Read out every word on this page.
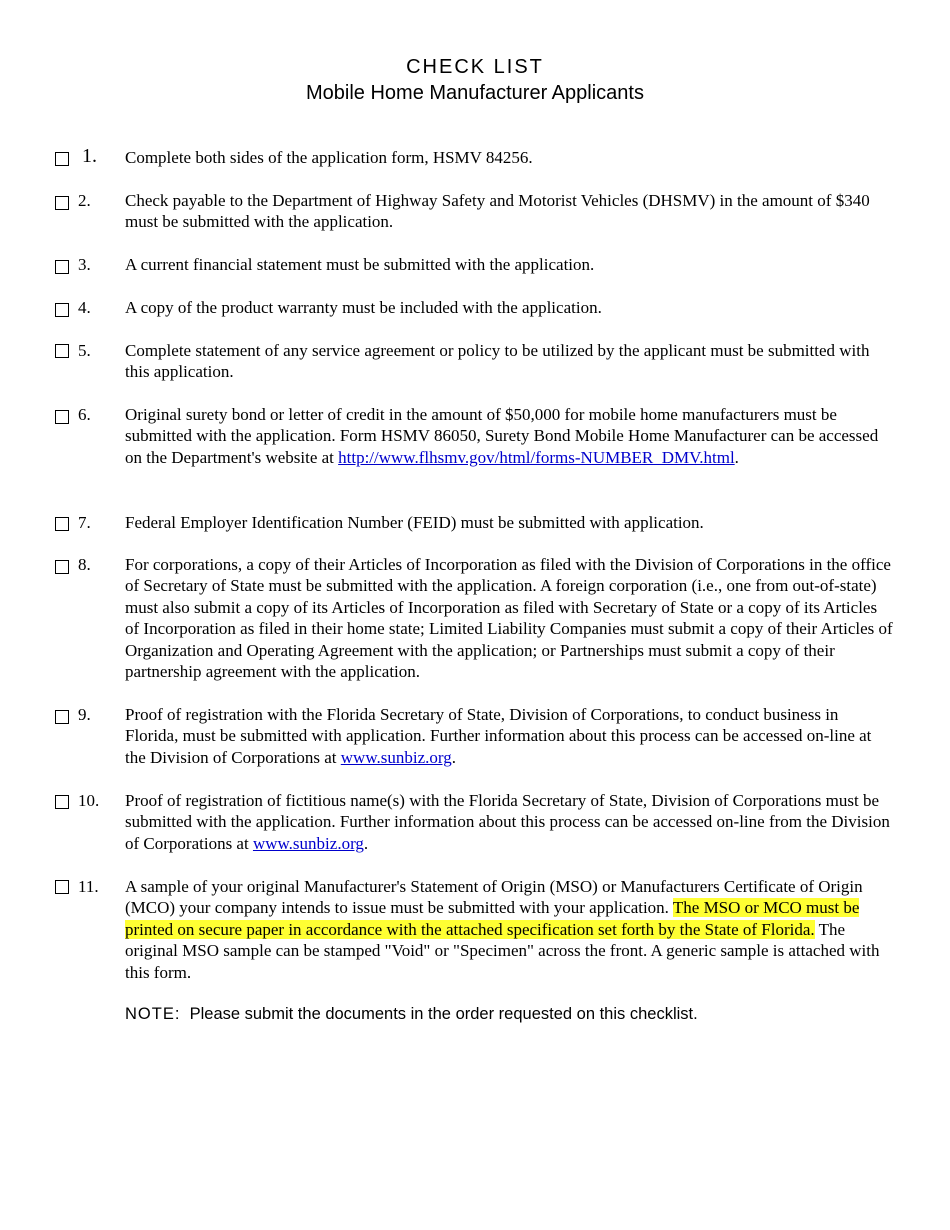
CHECK LIST
Mobile Home Manufacturer Applicants
1. Complete both sides of the application form, HSMV 84256.
2. Check payable to the Department of Highway Safety and Motorist Vehicles (DHSMV) in the amount of $340 must be submitted with the application.
3. A current financial statement must be submitted with the application.
4. A copy of the product warranty must be included with the application.
5. Complete statement of any service agreement or policy to be utilized by the applicant must be submitted with this application.
6. Original surety bond or letter of credit in the amount of $50,000 for mobile home manufacturers must be submitted with the application. Form HSMV 86050, Surety Bond Mobile Home Manufacturer can be accessed on the Department's website at http://www.flhsmv.gov/html/forms-NUMBER_DMV.html.
7. Federal Employer Identification Number (FEID) must be submitted with application.
8. For corporations, a copy of their Articles of Incorporation as filed with the Division of Corporations in the office of Secretary of State must be submitted with the application. A foreign corporation (i.e., one from out-of-state) must also submit a copy of its Articles of Incorporation as filed with Secretary of State or a copy of its Articles of Incorporation as filed in their home state; Limited Liability Companies must submit a copy of their Articles of Organization and Operating Agreement with the application; or Partnerships must submit a copy of their partnership agreement with the application.
9. Proof of registration with the Florida Secretary of State, Division of Corporations, to conduct business in Florida, must be submitted with application. Further information about this process can be accessed on-line at the Division of Corporations at www.sunbiz.org.
10. Proof of registration of fictitious name(s) with the Florida Secretary of State, Division of Corporations must be submitted with the application. Further information about this process can be accessed on-line from the Division of Corporations at www.sunbiz.org.
11. A sample of your original Manufacturer's Statement of Origin (MSO) or Manufacturers Certificate of Origin (MCO) your company intends to issue must be submitted with your application. The MSO or MCO must be printed on secure paper in accordance with the attached specification set forth by the State of Florida. The original MSO sample can be stamped "Void" or "Specimen" across the front. A generic sample is attached with this form.
NOTE:  Please submit the documents in the order requested on this checklist.
